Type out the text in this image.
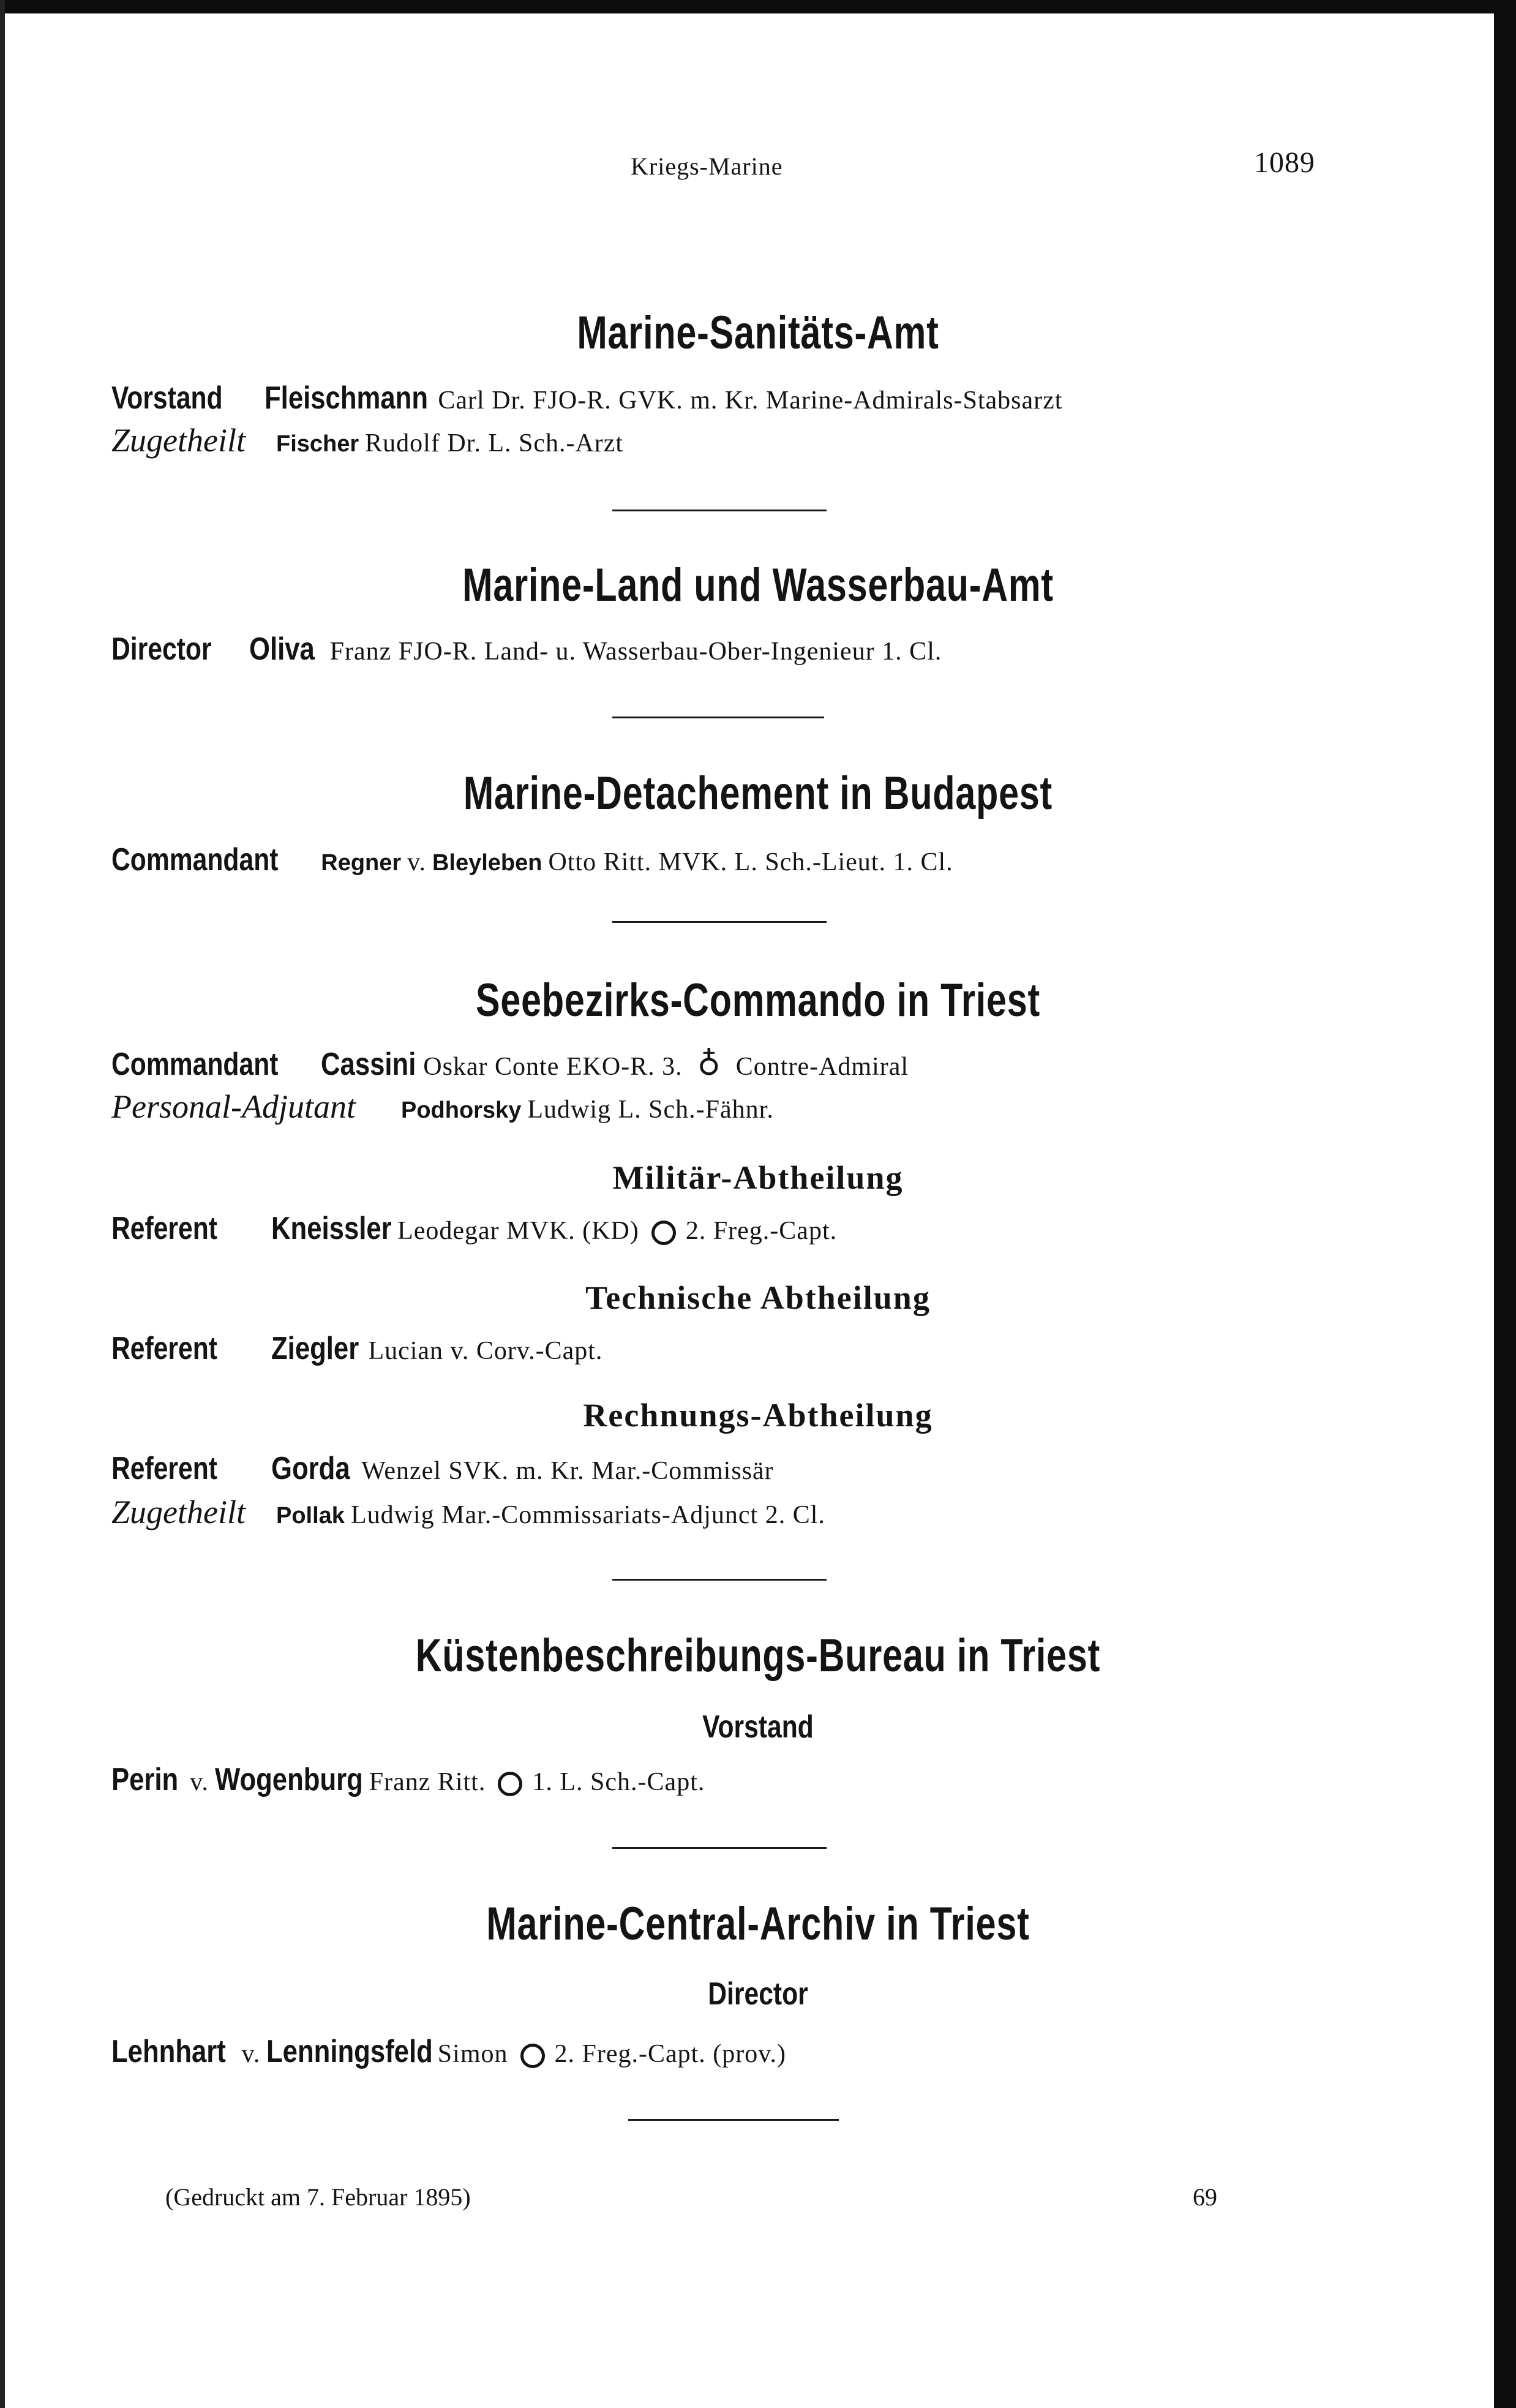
Kriegs-Marine	1089
Marine-Sanitäts-Amt
Vorstand Fleischmann Carl Dr. FJO-R. GVK. m. Kr. Marine-Admirals-Stabsarzt
Zugetheilt Fischer Rudolf Dr. L. Sch.-Arzt
Marine-Land und Wasserbau-Amt
Director Oliva Franz FJO-R. Land- u. Wasserbau-Ober-Ingenieur 1. Cl.
Marine-Detachement in Budapest
Commandant Regner v. Bleyleben Otto Ritt. MVK. L. Sch.-Lieut. 1. Cl.
Seebezirks-Commando in Triest
Commandant Cassini Oskar Conte EKO-R. 3. ♁ Contre-Admiral
Personal-Adjutant Podhorsky Ludwig L. Sch.-Fähnr.
Militär-Abtheilung
Referent Kneissler Leodegar MVK. (KD) 2. Freg.-Capt.
Technische Abtheilung
Referent Ziegler Lucian v. Corv.-Capt.
Rechnungs-Abtheilung
Referent Gorda Wenzel SVK. m. Kr. Mar.-Commissär
Zugetheilt Pollak Ludwig Mar.-Commissariats-Adjunct 2. Cl.
Küstenbeschreibungs-Bureau in Triest
Vorstand
Perin v. Wogenburg Franz Ritt. 1. L. Sch.-Capt.
Marine-Central-Archiv in Triest
Director
Lehnhart v. Lenningsfeld Simon 2. Freg.-Capt. (prov.)
(Gedruckt am 7. Februar 1895)	69
